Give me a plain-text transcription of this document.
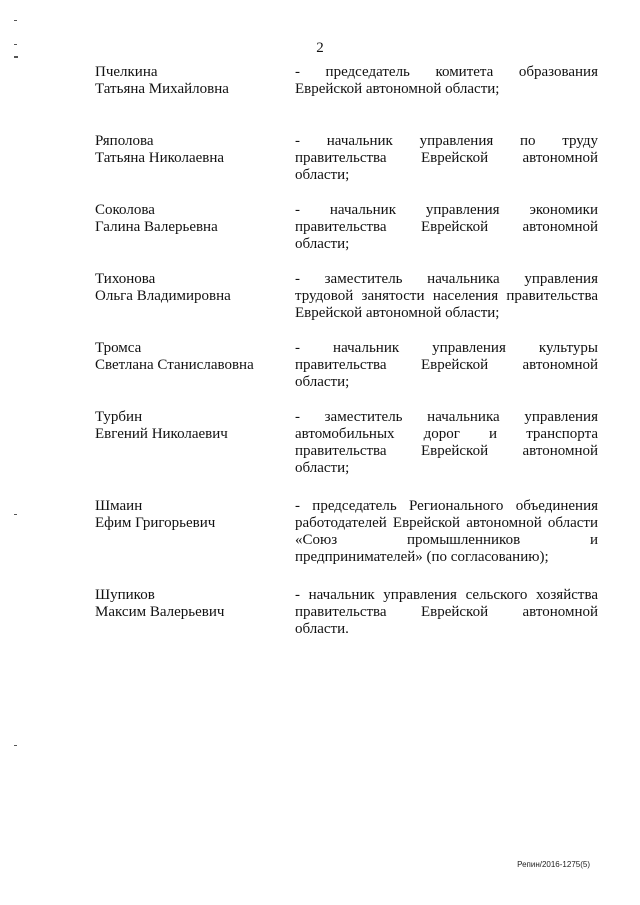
2
Пчелкина
Татьяна Михайловна
- председатель комитета образования
Еврейской автономной области;
Ряполова
Татьяна Николаевна
- начальник управления по труду
правительства Еврейской автономной
области;
Соколова
Галина Валерьевна
- начальник управления экономики
правительства Еврейской автономной
области;
Тихонова
Ольга Владимировна
- заместитель начальника управления
трудовой занятости населения правительства
Еврейской автономной области;
Тромса
Светлана Станиславовна
- начальник управления культуры
правительства Еврейской автономной
области;
Турбин
Евгений Николаевич
- заместитель начальника управления
автомобильных дорог и транспорта
правительства Еврейской автономной
области;
Шмаин
Ефим Григорьевич
- председатель Регионального объединения
работодателей Еврейской автономной области
«Союз промышленников и
предпринимателей» (по согласованию);
Шупиков
Максим Валерьевич
- начальник управления сельского хозяйства
правительства Еврейской автономной
области.
Репин/2016-1275(5)
